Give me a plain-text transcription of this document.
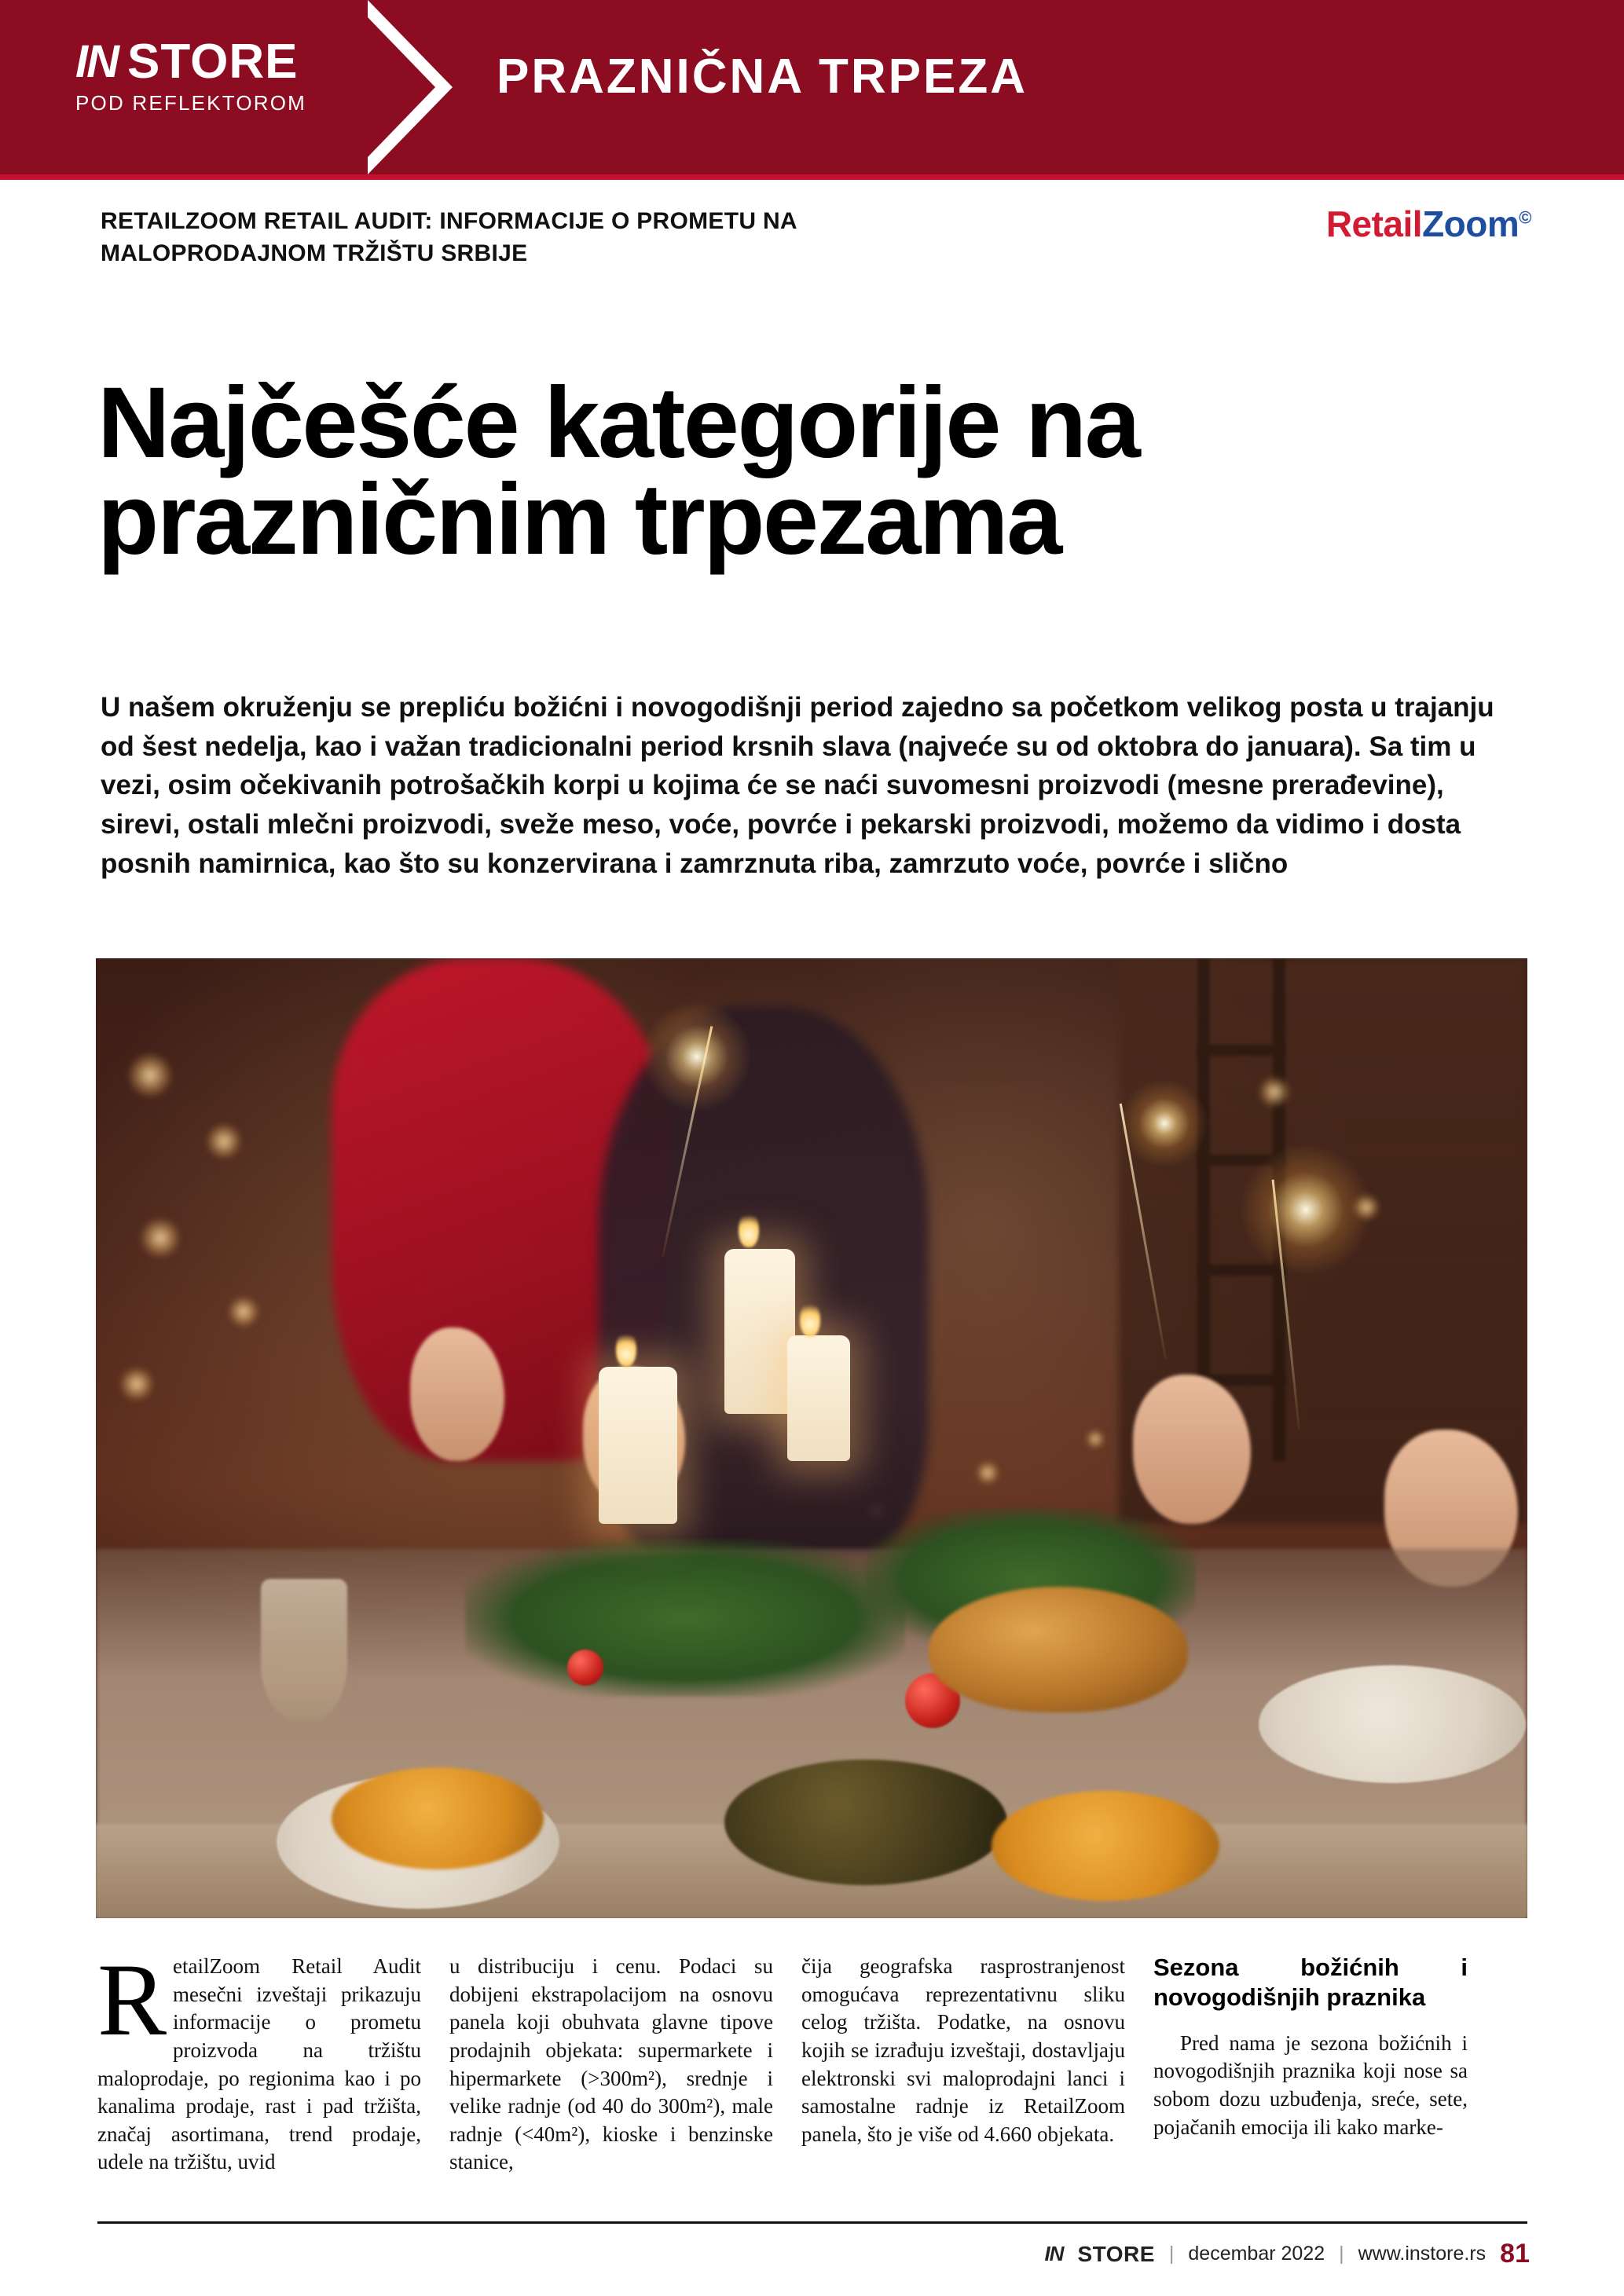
IN STORE
POD REFLEKTOROM	PRAZNIČNA TRPEZA
RETAILZOOM RETAIL AUDIT: INFORMACIJE O PROMETU NA MALOPRODAJNOM TRŽIŠTU SRBIJE
RetailZoom©
Najčešće kategorije na
prazničnim trpezama
U našem okruženju se prepliću božićni i novogodišnji period zajedno sa početkom velikog posta u trajanju od šest nedelja, kao i važan tradicionalni period krsnih slava (najveće su od oktobra do januara). Sa tim u vezi, osim očekivanih potrošačkih korpi u kojima će se naći suvomesni proizvodi (mesne prerađevine), sirevi, ostali mlečni proizvodi, sveže meso, voće, povrće i pekarski proizvodi, možemo da vidimo i dosta posnih namirnica, kao što su konzervirana i zamrznuta riba, zamrzuto voće, povrće i slično
R etailZoom Retail Audit mesečni izveštaji prikazuju informacije o prometu proizvoda na tržištu maloprodaje, po regionima kao i po kanalima prodaje, rast i pad tržišta, značaj asortimana, trend prodaje, udele na tržištu, uvid

u distribuciju i cenu. Podaci su dobijeni ekstrapolacijom na osnovu panela koji obuhvata glavne tipove prodajnih objekata: supermarkete i hipermarkete (>300m²), srednje i velike radnje (od 40 do 300m²), male radnje (<40m²), kioske i benzinske stanice,

čija geografska rasprostranjenost omogućava reprezentativnu sliku celog tržišta. Podatke, na osnovu kojih se izrađuju izveštaji, dostavljaju elektronski svi maloprodajni lanci i samostalne radnje iz RetailZoom panela, što je više od 4.660 objekata.

Sezona božićnih i novogodišnjih praznika
Pred nama je sezona božićnih i novogodišnjih praznika koji nose sa sobom dozu uzbuđenja, sreće, sete, pojačanih emocija ili kako marke-
IN STORE | decembar 2022 | www.instore.rs 81
